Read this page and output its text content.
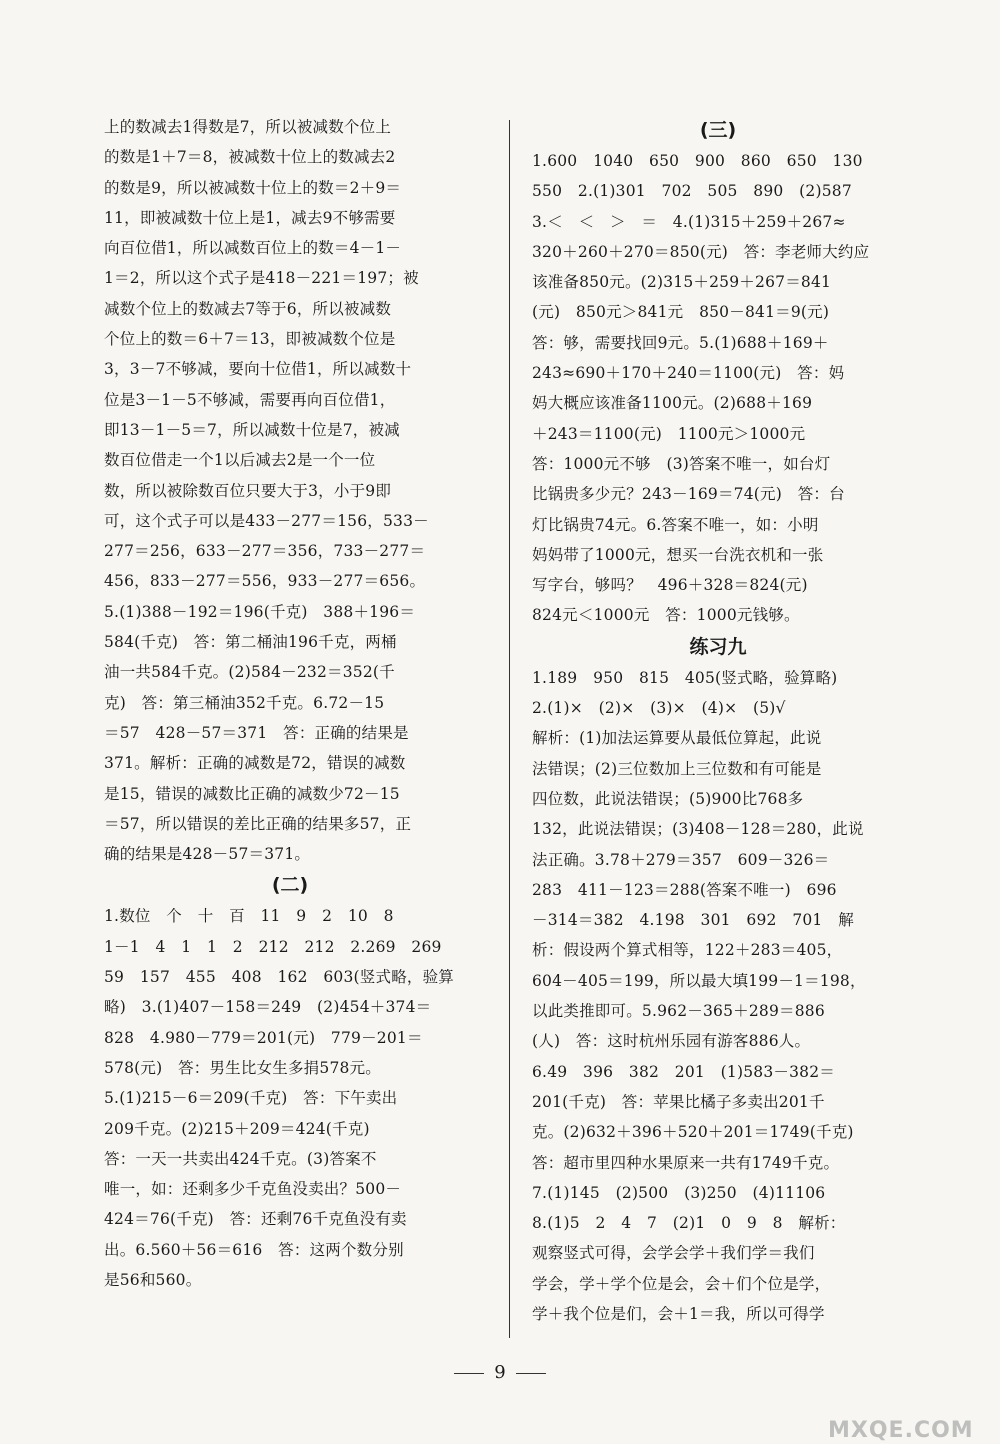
上的数减去1得数是7，所以被减数个位上
的数是1＋7＝8，被减数十位上的数减去2
的数是9，所以被减数十位上的数＝2＋9＝
11，即被减数十位上是1，减去9不够需要
向百位借1，所以减数百位上的数＝4－1－
1＝2，所以这个式子是418－221＝197；被
减数个位上的数减去7等于6，所以被减数
个位上的数＝6＋7＝13，即被减数个位是
3，3－7不够减，要向十位借1，所以减数十
位是3－1－5不够减，需要再向百位借1，
即13－1－5＝7，所以减数十位是7，被减
数百位借走一个1以后减去2是一个一位
数，所以被除数百位只要大于3，小于9即
可，这个式子可以是433－277＝156，533－
277＝256，633－277＝356，733－277＝
456，833－277＝556，933－277＝656。
5.(1)388－192＝196(千克)　388＋196＝
584(千克)　答：第二桶油196千克，两桶
油一共584千克。(2)584－232＝352(千
克)　答：第三桶油352千克。6.72－15
＝57　428－57＝371　答：正确的结果是
371。解析：正确的减数是72，错误的减数
是15，错误的减数比正确的减数少72－15
＝57，所以错误的差比正确的结果多57，正
确的结果是428－57＝371。
(二)
1.数位　个　十　百　11　9　2　10　8
1－1　4　1　1　2　212　212　2.269　269
59　157　455　408　162　603(竖式略，验算
略)　3.(1)407－158＝249　(2)454＋374＝
828　4.980－779＝201(元)　779－201＝
578(元)　答：男生比女生多捐578元。
5.(1)215－6＝209(千克)　答：下午卖出
209千克。(2)215＋209＝424(千克)
答：一天一共卖出424千克。(3)答案不
唯一，如：还剩多少千克鱼没卖出？500－
424＝76(千克)　答：还剩76千克鱼没有卖
出。6.560＋56＝616　答：这两个数分别
是56和560。
(三)
1.600　1040　650　900　860　650　130
550　2.(1)301　702　505　890　(2)587
3.＜　＜　＞　＝　4.(1)315＋259＋267≈
320＋260＋270＝850(元)　答：李老师大约应
该准备850元。(2)315＋259＋267＝841
(元)　850元＞841元　850－841＝9(元)
答：够，需要找回9元。5.(1)688＋169＋
243≈690＋170＋240＝1100(元)　答：妈
妈大概应该准备1100元。(2)688＋169
＋243＝1100(元)　1100元＞1000元
答：1000元不够　(3)答案不唯一，如台灯
比锅贵多少元？243－169＝74(元)　答：台
灯比锅贵74元。6.答案不唯一，如：小明
妈妈带了1000元，想买一台洗衣机和一张
写字台，够吗？　496＋328＝824(元)
824元＜1000元　答：1000元钱够。
练习九
1.189　950　815　405(竖式略，验算略)
2.(1)×　(2)×　(3)×　(4)×　(5)√
解析：(1)加法运算要从最低位算起，此说
法错误；(2)三位数加上三位数和有可能是
四位数，此说法错误；(5)900比768多
132，此说法错误；(3)408－128＝280，此说
法正确。3.78＋279＝357　609－326＝
283　411－123＝288(答案不唯一)　696
－314＝382　4.198　301　692　701　解
析：假设两个算式相等，122＋283＝405，
604－405＝199，所以最大填199－1＝198，
以此类推即可。5.962－365＋289＝886
(人)　答：这时杭州乐园有游客886人。
6.49　396　382　201　(1)583－382＝
201(千克)　答：苹果比橘子多卖出201千
克。(2)632＋396＋520＋201＝1749(千克)
答：超市里四种水果原来一共有1749千克。
7.(1)145　(2)500　(3)250　(4)11106
8.(1)5　2　4　7　(2)1　0　9　8　解析：
观察竖式可得，会学会学＋我们学＝我们
学会，学＋学个位是会，会＋们个位是学，
学＋我个位是们，会＋1＝我，所以可得学
9
MXQE.COM
